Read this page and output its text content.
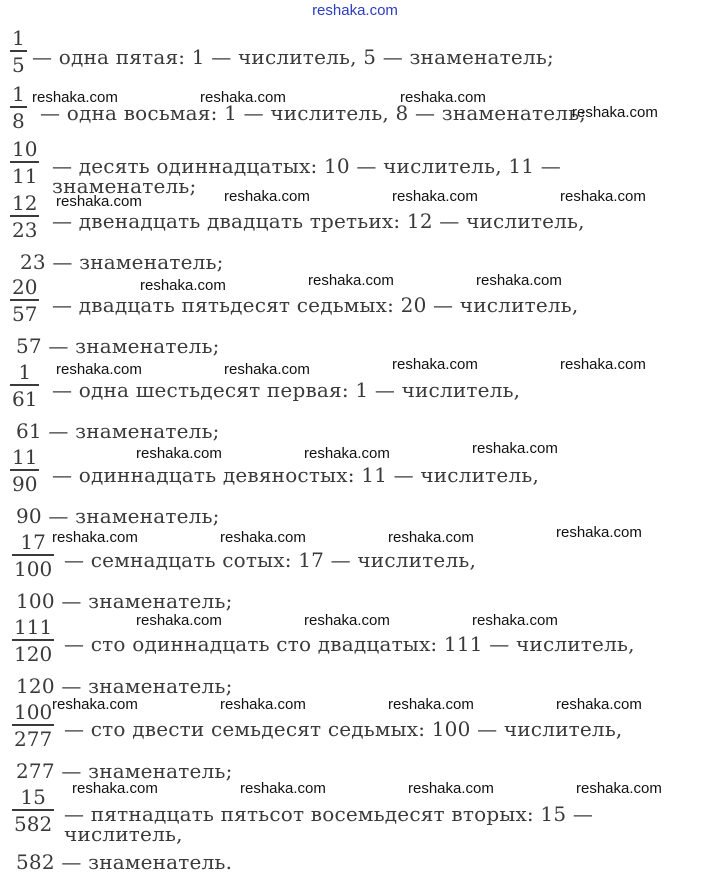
reshaka.com
1
5 — одна пятая: 1 — числитель, 5 — знаменатель;
1
8 — одна восьмая: 1 — числитель, 8 — знаменатель;
10
11 — десять одиннадцатых: 10 — числитель, 11 — знаменатель;
12
23 — двенадцать двадцать третьих: 12 — числитель,
23 — знаменатель;
20
57 — двадцать пятьдесят седьмых: 20 — числитель,
57 — знаменатель;
1
61 — одна шестьдесят первая: 1 — числитель,
61 — знаменатель;
11
90 — одиннадцать девяностых: 11 — числитель,
90 — знаменатель;
17
100 — семнадцать сотых: 17 — числитель,
100 — знаменатель;
111
120 — сто одиннадцать сто двадцатых: 111 — числитель,
120 — знаменатель;
100
277 — сто двести семьдесят седьмых: 100 — числитель,
277 — знаменатель;
15
582 — пятнадцать пятьсот восемьдесят вторых: 15 — числитель,
582 — знаменатель.
reshaka.com	reshaka.com	reshaka.com
reshaka.com
reshaka.com	reshaka.com	reshaka.com	reshaka.com
reshaka.com	reshaka.com	reshaka.com
reshaka.com	reshaka.com	reshaka.com	reshaka.com
reshaka.com	reshaka.com	reshaka.com
reshaka.com	reshaka.com	reshaka.com	reshaka.com
reshaka.com	reshaka.com	reshaka.com
reshaka.com	reshaka.com	reshaka.com	reshaka.com
reshaka.com	reshaka.com	reshaka.com	reshaka.com
